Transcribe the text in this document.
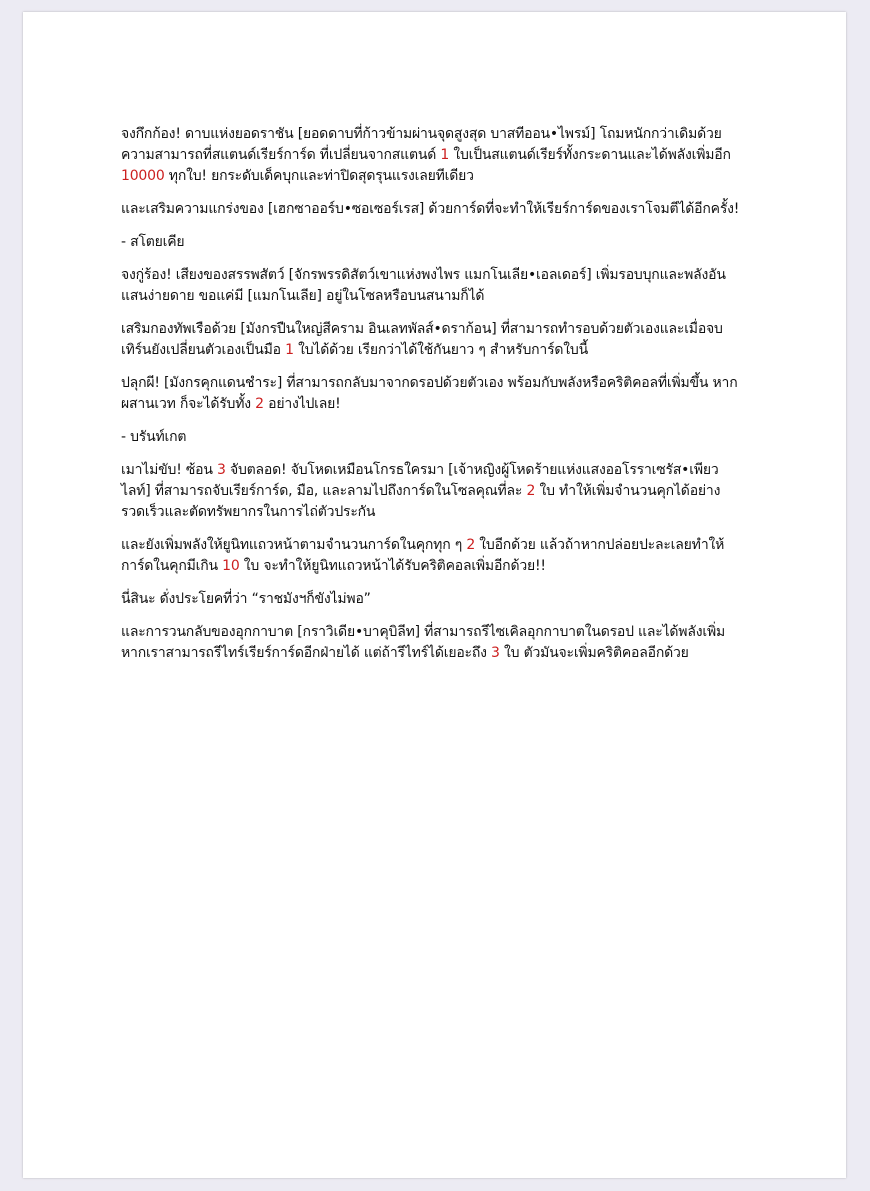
จงกึกก้อง! ดาบแห่งยอดราชัน [ยอดดาบที่ก้าวข้ามผ่านจุดสูงสุด บาสทีออน•ไพรม์] โถมหนักกว่าเดิมด้วยความสามารถที่สแตนด์เรียร์การ์ด ที่เปลี่ยนจากสแตนด์ 1 ใบเป็นสแตนด์เรียร์ทั้งกระดานและได้พลังเพิ่มอีก 10000 ทุกใบ! ยกระดับเด็คบุกและท่าปิดสุดรุนแรงเลยทีเดียว

และเสริมความแกร่งของ [เฮกซาออร์บ•ซอเซอร์เรส] ด้วยการ์ดที่จะทำให้เรียร์การ์ดของเราโจมตีได้อีกครั้ง!

- สโตยเคีย

จงกู่ร้อง! เสียงของสรรพสัตว์ [จักรพรรดิสัตว์เขาแห่งพงไพร แมกโนเลีย•เอลเดอร์] เพิ่มรอบบุกและพลังอันแสนง่ายดาย ขอแค่มี [แมกโนเลีย] อยู่ในโซลหรือบนสนามก็ได้

เสริมกองทัพเรือด้วย [มังกรปืนใหญ่สีคราม อินเลทพัลส์•ดราก้อน] ที่สามารถทำรอบด้วยตัวเองและเมื่อจบเทิร์นยังเปลี่ยนตัวเองเป็นมือ 1 ใบได้ด้วย เรียกว่าได้ใช้กันยาว ๆ สำหรับการ์ดใบนี้

ปลุกผี! [มังกรคุกแดนชำระ] ที่สามารถกลับมาจากดรอปด้วยตัวเอง พร้อมกับพลังหรือคริติคอลที่เพิ่มขึ้น หากผสานเวท ก็จะได้รับทั้ง 2 อย่างไปเลย!

- บรันท์เกต

เมาไม่ขับ! ซ้อน 3 จับตลอด! จับโหดเหมือนโกรธใครมา [เจ้าหญิงผู้โหดร้ายแห่งแสงออโรราเซรัส•เพียวไลท์] ที่สามารถจับเรียร์การ์ด, มือ, และลามไปถึงการ์ดในโซลคุณที่ละ 2 ใบ ทำให้เพิ่มจำนวนคุกได้อย่างรวดเร็วและตัดทรัพยากรในการไถ่ตัวประกัน

และยังเพิ่มพลังให้ยูนิทแถวหน้าตามจำนวนการ์ดในคุกทุก ๆ 2 ใบอีกด้วย แล้วถ้าหากปล่อยปะละเลยทำให้การ์ดในคุกมีเกิน 10 ใบ จะทำให้ยูนิทแถวหน้าได้รับคริติคอลเพิ่มอีกด้วย!!

นี่สินะ ดั่งประโยคที่ว่า “ราชมังฯก็ขังไม่พอ”

และการวนกลับของอุกกาบาต [กราวิเดีย•บาคุบิลีท] ที่สามารถรีไซเคิลอุกกาบาตในดรอป และได้พลังเพิ่ม หากเราสามารถรีไทร์เรียร์การ์ดอีกฝ่ายได้ แต่ถ้ารีไทร์ได้เยอะถึง 3 ใบ ตัวมันจะเพิ่มคริติคอลอีกด้วย
